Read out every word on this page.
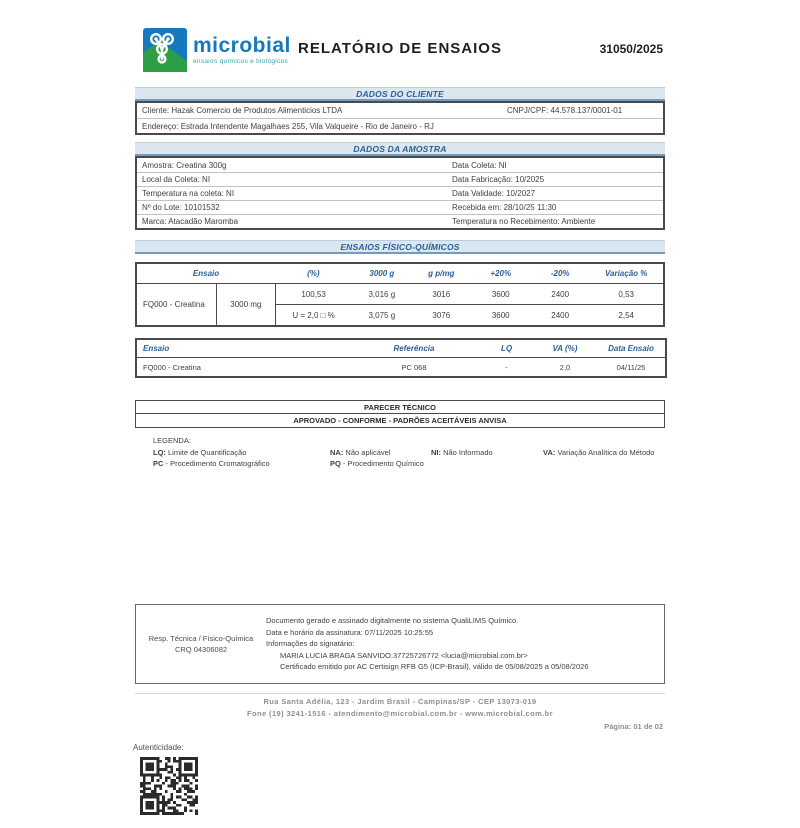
microbial
ensaios químicos e biológicos
RELATÓRIO DE ENSAIOS	31050/2025
DADOS DO CLIENTE
Cliente: Hazak Comercio de Produtos Alimenticios LTDA	CNPJ/CPF: 44.578.137/0001-01
Endereço: Estrada Intendente Magalhaes 255, Vila Valqueire - Rio de Janeiro - RJ
DADOS DA AMOSTRA
Amostra: Creatina 300g	Data Coleta: NI
Local da Coleta: NI	Data Fabricação: 10/2025
Temperatura na coleta: NI	Data Validade: 10/2027
Nº do Lote: 10101532	Recebida em: 28/10/25 11:30
Marca: Atacadão Maromba	Temperatura no Recebimento: Ambiente
ENSAIOS FÍSICO-QUÍMICOS
Ensaio		(%)	3000 g	g p/mg	+20%	-20%	Variação %
FQ000 - Creatina	3000 mg	100,53	3,016 g	3016	3600	2400	0,53
		U = 2,0 □ %	3,075 g	3076	3600	2400	2,54
Ensaio	Referência	LQ	VA (%)	Data Ensaio
FQ000 - Creatina	PC 068	-	2,0	04/11/25
PARECER TÉCNICO
APROVADO - CONFORME - PADRÕES ACEITÁVEIS ANVISA
LEGENDA:
LQ: Limite de Quantificação	NA: Não aplicável	NI: Não Informado	VA: Variação Analítica do Método
PC - Procedimento Cromatográfico	PQ - Procedimento Químico
Resp. Técnica / Físico-Química
CRQ 04306082
Documento gerado e assinado digitalmente no sistema QualiLIMS Químico.
Data e horário da assinatura: 07/11/2025 10:25:55
Informações do signatário:
MARIA LUCIA BRAGA SANVIDO:37725726772 <lucia@microbial.com.br>
Certificado emitido por AC Certisign RFB G5 (ICP-Brasil), válido de 05/08/2025 a 05/08/2026
Rua Santa Adélia, 123 - Jardim Brasil - Campinas/SP - CEP 13073-019
Fone (19) 3241-1516 - atendimento@microbial.com.br - www.microbial.com.br
Página: 01 de 02
Autenticidade:
